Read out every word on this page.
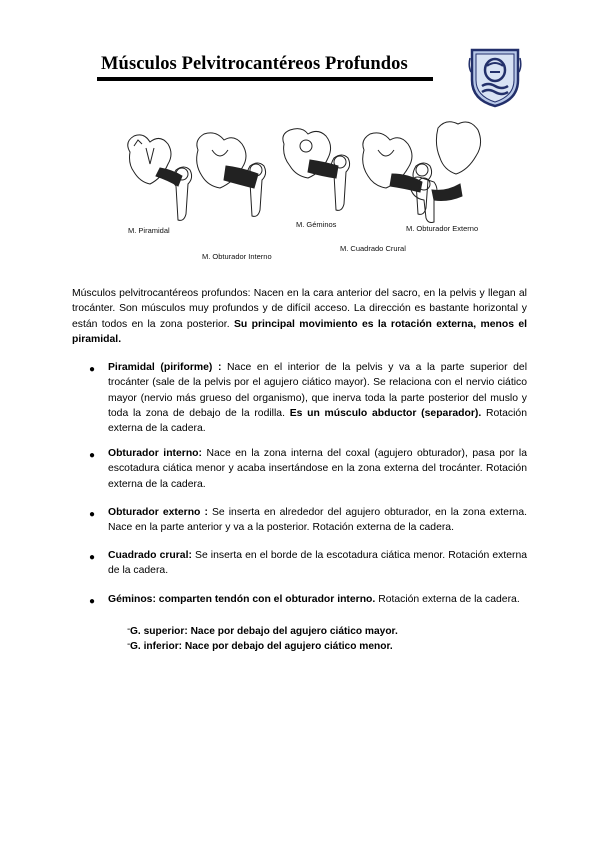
Músculos Pelvitrocantéreos Profundos
M. Piramidal
M. Obturador Interno
M. Géminos
M. Cuadrado Crural
M. Obturador Externo
Músculos pelvitrocantéreos profundos: Nacen en la cara anterior del sacro, en la pelvis y llegan al trocánter. Son músculos muy profundos y de difícil acceso. La dirección es bastante horizontal y están todos en la zona posterior. Su principal movimiento es la rotación externa, menos el piramidal.
● Piramidal (piriforme) : Nace en el interior de la pelvis y va a la parte superior del trocánter (sale de la pelvis por el agujero ciático mayor). Se relaciona con el nervio ciático mayor (nervio más grueso del organismo), que inerva toda la parte posterior del muslo y toda la zona de debajo de la rodilla. Es un músculo abductor (separador). Rotación externa de la cadera.
● Obturador interno: Nace en la zona interna del coxal (agujero obturador), pasa por la escotadura ciática menor y acaba insertándose en la zona externa del trocánter. Rotación externa de la cadera.
● Obturador externo : Se inserta en alrededor del agujero obturador, en la zona externa. Nace en la parte anterior y va a la posterior. Rotación externa de la cadera.
● Cuadrado crural: Se inserta en el borde de la escotadura ciática menor. Rotación externa de la cadera.
● Géminos: comparten tendón con el obturador interno. Rotación externa de la cadera.
- G. superior: Nace por debajo del agujero ciático mayor.
- G. inferior: Nace por debajo del agujero ciático menor.
